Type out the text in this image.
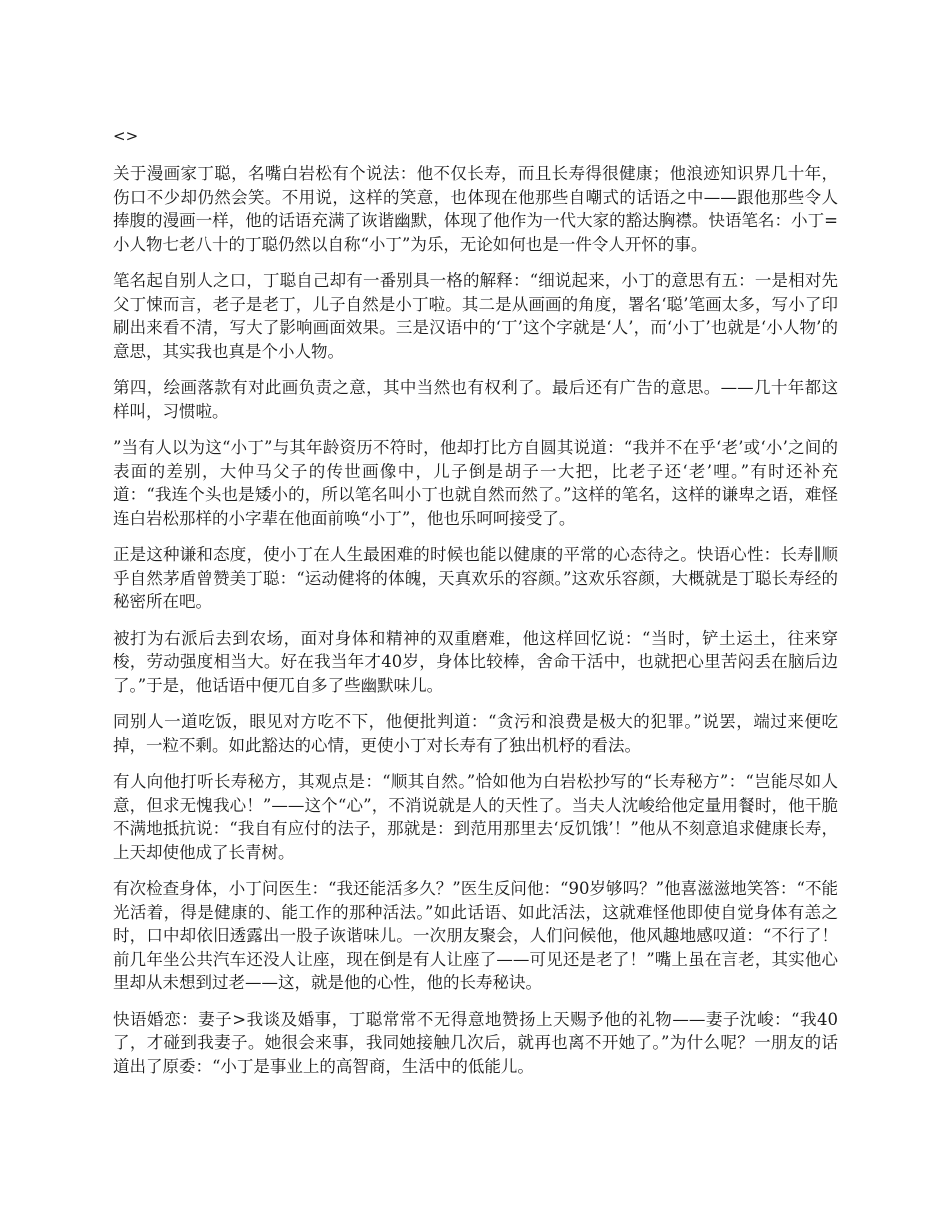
<>

关于漫画家丁聪，名嘴白岩松有个说法：他不仅长寿，而且长寿得很健康；他浪迹知识界几十年，伤口不少却仍然会笑。不用说，这样的笑意，也体现在他那些自嘲式的话语之中——跟他那些令人捧腹的漫画一样，他的话语充满了诙谐幽默，体现了他作为一代大家的豁达胸襟。快语笔名：小丁=小人物七老八十的丁聪仍然以自称“小丁”为乐，无论如何也是一件令人开怀的事。

笔名起自别人之口，丁聪自己却有一番别具一格的解释：“细说起来，小丁的意思有五：一是相对先父丁悚而言，老子是老丁，儿子自然是小丁啦。其二是从画画的角度，署名‘聪’笔画太多，写小了印刷出来看不清，写大了影响画面效果。三是汉语中的‘丁’这个字就是‘人’，而‘小丁’也就是‘小人物’的意思，其实我也真是个小人物。

第四，绘画落款有对此画负责之意，其中当然也有权利了。最后还有广告的意思。——几十年都这样叫，习惯啦。

”当有人以为这“小丁”与其年龄资历不符时，他却打比方自圆其说道：“我并不在乎‘老’或‘小’之间的表面的差别，大仲马父子的传世画像中，儿子倒是胡子一大把，比老子还‘老’哩。”有时还补充道：“我连个头也是矮小的，所以笔名叫小丁也就自然而然了。”这样的笔名，这样的谦卑之语，难怪连白岩松那样的小字辈在他面前唤“小丁”，他也乐呵呵接受了。

正是这种谦和态度，使小丁在人生最困难的时候也能以健康的平常的心态待之。快语心性：长寿∥顺乎自然茅盾曾赞美丁聪：“运动健将的体魄，天真欢乐的容颜。”这欢乐容颜，大概就是丁聪长寿经的秘密所在吧。

被打为右派后去到农场，面对身体和精神的双重磨难，他这样回忆说：“当时，铲土运土，往来穿梭，劳动强度相当大。好在我当年才40岁，身体比较棒，舍命干活中，也就把心里苦闷丢在脑后边了。”于是，他话语中便兀自多了些幽默味儿。

同别人一道吃饭，眼见对方吃不下，他便批判道：“贪污和浪费是极大的犯罪。”说罢，端过来便吃掉，一粒不剩。如此豁达的心情，更使小丁对长寿有了独出机杼的看法。

有人向他打听长寿秘方，其观点是：“顺其自然。”恰如他为白岩松抄写的“长寿秘方”：“岂能尽如人意，但求无愧我心！”——这个“心”，不消说就是人的天性了。当夫人沈峻给他定量用餐时，他干脆不满地抵抗说：“我自有应付的法子，那就是：到范用那里去‘反饥饿’！”他从不刻意追求健康长寿，上天却使他成了长青树。

有次检查身体，小丁问医生：“我还能活多久？”医生反问他：“90岁够吗？”他喜滋滋地笑答：“不能光活着，得是健康的、能工作的那种活法。”如此话语、如此活法，这就难怪他即使自觉身体有恙之时，口中却依旧透露出一股子诙谐味儿。一次朋友聚会，人们问候他，他风趣地感叹道：“不行了！前几年坐公共汽车还没人让座，现在倒是有人让座了——可见还是老了！”嘴上虽在言老，其实他心里却从未想到过老——这，就是他的心性，他的长寿秘诀。

快语婚恋：妻子>我谈及婚事，丁聪常常不无得意地赞扬上天赐予他的礼物——妻子沈峻：“我40了，才碰到我妻子。她很会来事，我同她接触几次后，就再也离不开她了。”为什么呢？一朋友的话道出了原委：“小丁是事业上的高智商，生活中的低能儿。
